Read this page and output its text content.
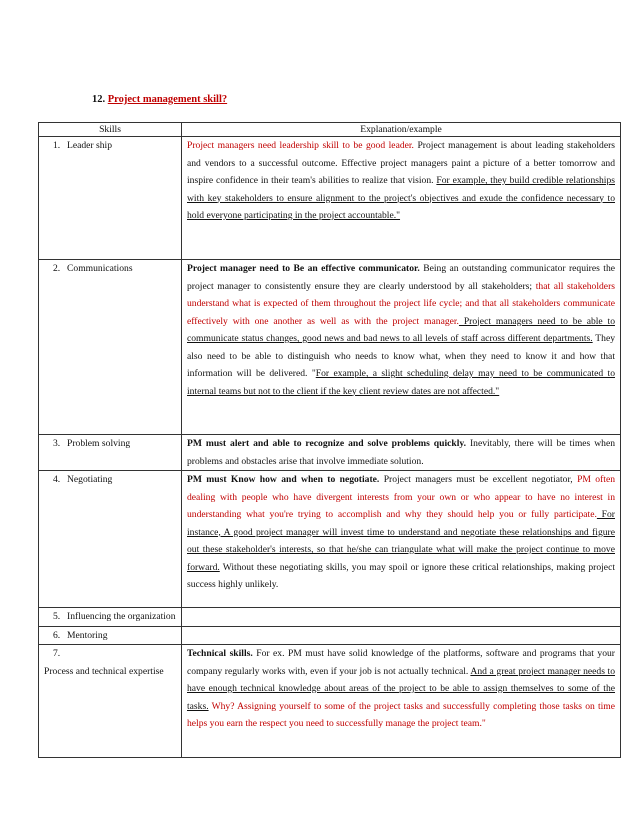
12. Project management skill?
Skills	Explanation/example
1. Leader ship	Project managers need leadership skill to be good leader. Project management is about leading stakeholders and vendors to a successful outcome. Effective project managers paint a picture of a better tomorrow and inspire confidence in their team's abilities to realize that vision. For example, they build credible relationships with key stakeholders to ensure alignment to the project's objectives and exude the confidence necessary to hold everyone participating in the project accountable."
2. Communications	Project manager need to Be an effective communicator. Being an outstanding communicator requires the project manager to consistently ensure they are clearly understood by all stakeholders; that all stakeholders understand what is expected of them throughout the project life cycle; and that all stakeholders communicate effectively with one another as well as with the project manager. Project managers need to be able to communicate status changes, good news and bad news to all levels of staff across different departments. They also need to be able to distinguish who needs to know what, when they need to know it and how that information will be delivered. "For example, a slight scheduling delay may need to be communicated to internal teams but not to the client if the key client review dates are not affected."
3. Problem solving	PM must alert and able to recognize and solve problems quickly. Inevitably, there will be times when problems and obstacles arise that involve immediate solution.
4. Negotiating	PM must Know how and when to negotiate. Project managers must be excellent negotiator, PM often dealing with people who have divergent interests from your own or who appear to have no interest in understanding what you're trying to accomplish and why they should help you or fully participate. For instance, A good project manager will invest time to understand and negotiate these relationships and figure out these stakeholder's interests, so that he/she can triangulate what will make the project continue to move forward. Without these negotiating skills, you may spoil or ignore these critical relationships, making project success highly unlikely.
5. Influencing the organization	
6. Mentoring	
7.Process and technical expertise	Technical skills. For ex. PM must have solid knowledge of the platforms, software and programs that your company regularly works with, even if your job is not actually technical. And a great project manager needs to have enough technical knowledge about areas of the project to be able to assign themselves to some of the tasks. Why? Assigning yourself to some of the project tasks and successfully completing those tasks on time helps you earn the respect you need to successfully manage the project team."
